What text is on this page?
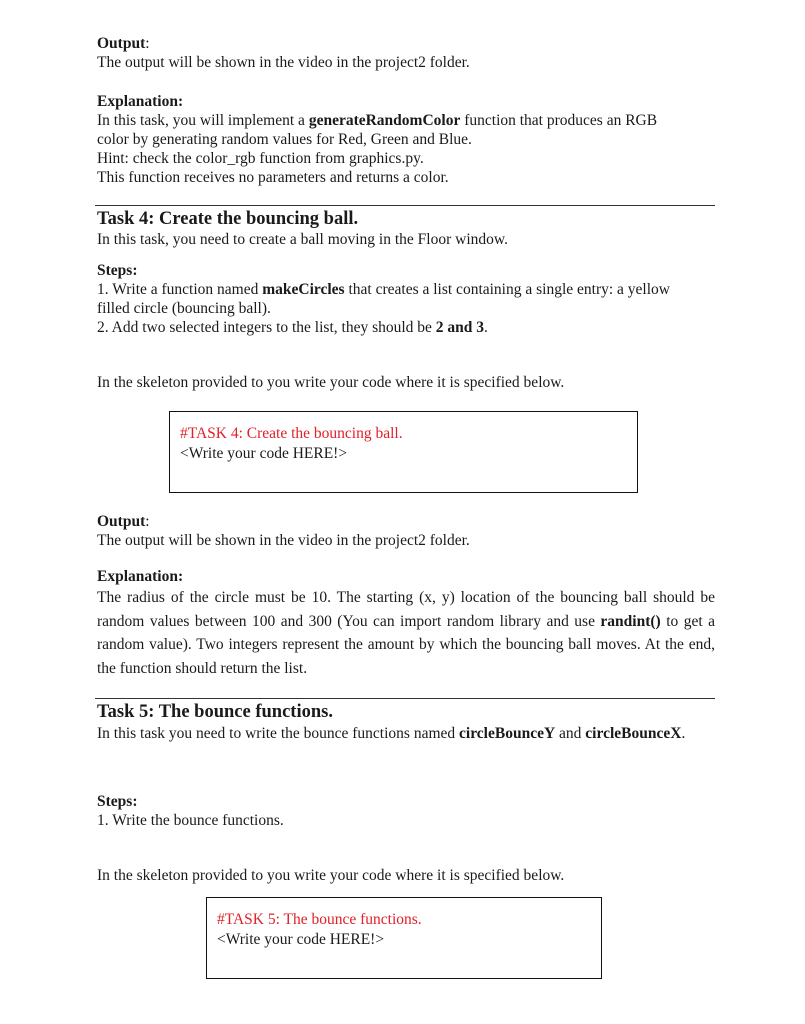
Output:
The output will be shown in the video in the project2 folder.
Explanation:
In this task, you will implement a generateRandomColor function that produces an RGB
color by generating random values for Red, Green and Blue.
Hint: check the color_rgb function from graphics.py.
This function receives no parameters and returns a color.
Task 4: Create the bouncing ball.
In this task, you need to create a ball moving in the Floor window.
Steps:
1. Write a function named makeCircles that creates a list containing a single entry: a yellow
filled circle (bouncing ball).
2. Add two selected integers to the list, they should be 2 and 3.
In the skeleton provided to you write your code where it is specified below.
#TASK 4: Create the bouncing ball.
<Write your code HERE!>
Output:
The output will be shown in the video in the project2 folder.
Explanation:
The radius of the circle must be 10. The starting (x, y) location of the bouncing ball should be random values between 100 and 300 (You can import random library and use randint() to get a random value). Two integers represent the amount by which the bouncing ball moves. At the end, the function should return the list.
Task 5: The bounce functions.
In this task you need to write the bounce functions named circleBounceY and circleBounceX.
Steps:
1. Write the bounce functions.
In the skeleton provided to you write your code where it is specified below.
#TASK 5: The bounce functions.
<Write your code HERE!>
